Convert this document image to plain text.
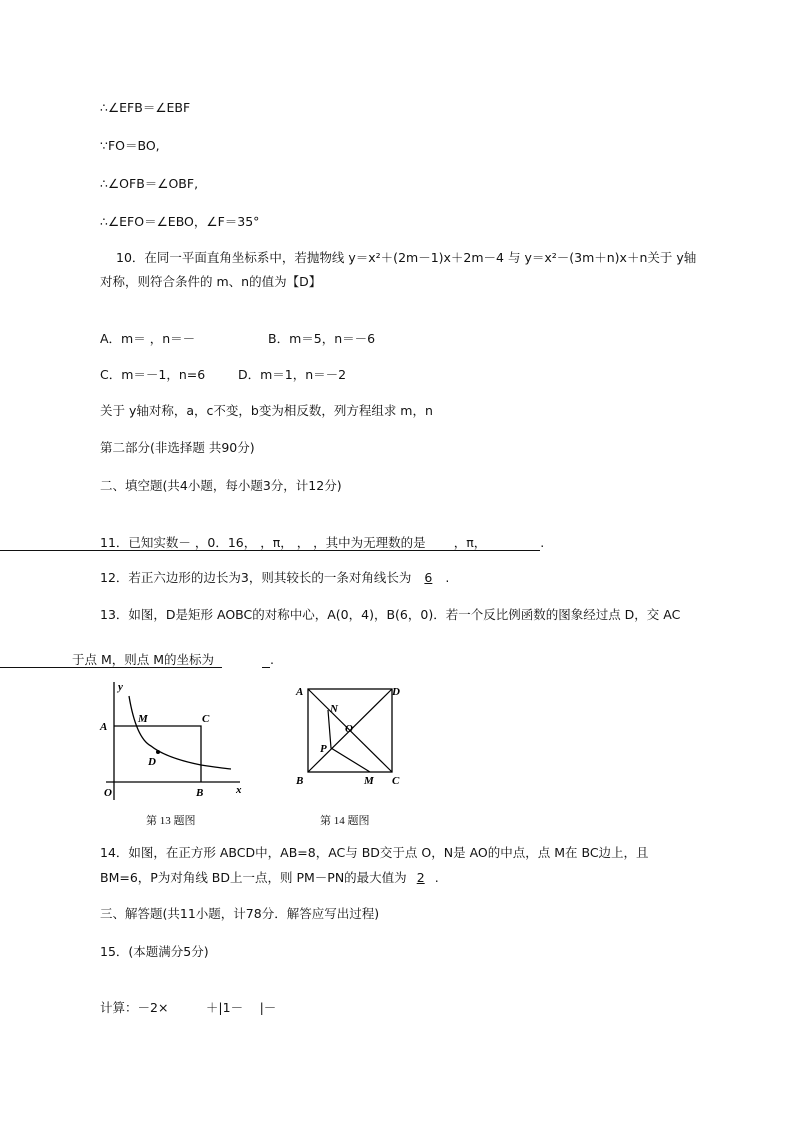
∴∠EFB＝∠EBF
∵FO＝BO,
∴∠OFB＝∠OBF,
∴∠EFO＝∠EBO，∠F＝35°
10．在同一平面直角坐标系中，若抛物线 y＝x²＋(2m－1)x＋2m－4 与 y＝x²－(3m＋n)x＋n关于 y轴
对称，则符合条件的 m、n的值为【D】
A．m＝ ，n＝－	B．m＝5，n＝－6
C．m＝－1，n=6	D．m＝1，n＝－2
关于 y轴对称，a，c不变，b变为相反数，列方程组求 m，n
第二部分(非选择题 共90分)
二、填空题(共4小题，每小题3分，计12分)
11．已知实数－ ，0．16， ，π， ， ，其中为无理数的是 ，π，	.
12．若正六边形的边长为3，则其较长的一条对角线长为 6 .
13．如图，D是矩形 AOBC的对称中心，A(0，4)，B(6，0)．若一个反比例函数的图象经过点 D，交 AC
于点 M，则点 M的坐标为	.
y
x
A
M	C
D
O	B
第 13 题图
A	D
N
O
P
B	M C
第 14 题图
14．如图，在正方形 ABCD中，AB=8，AC与 BD交于点 O，N是 AO的中点，点 M在 BC边上，且
BM=6，P为对角线 BD上一点，则 PM－PN的最大值为 2 .
三、解答题(共11小题，计78分．解答应写出过程)
15．(本题满分5分)
计算：－2×　　　＋|1－　 |－
